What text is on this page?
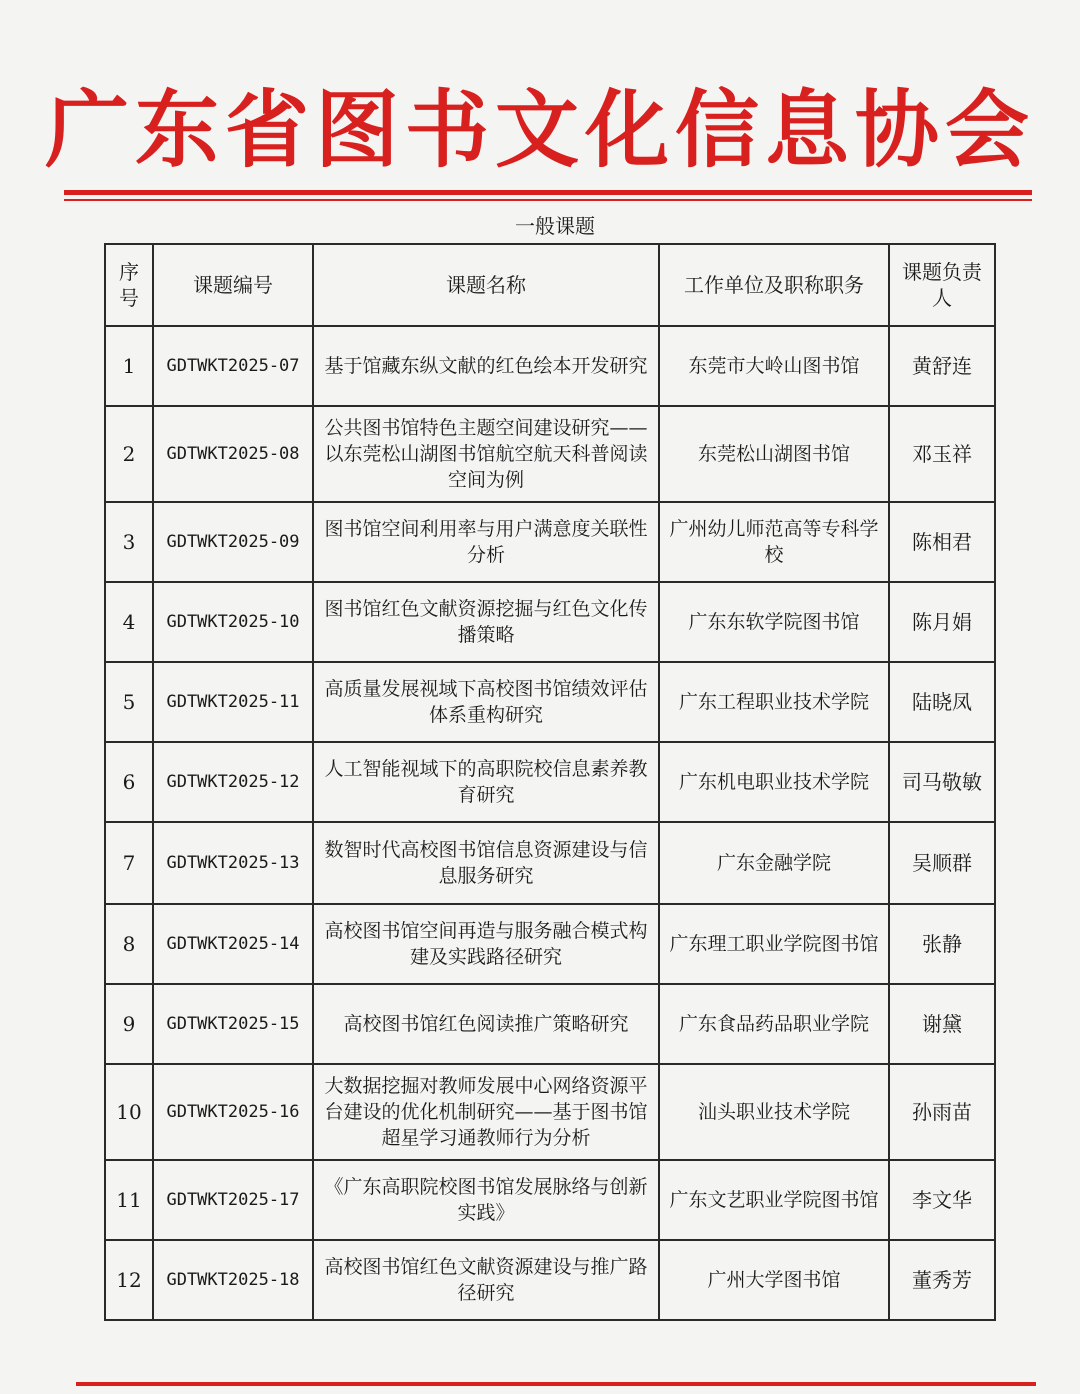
广东省图书文化信息协会
一般课题
序号	课题编号	课题名称	工作单位及职称职务	课题负责人
1	GDTWKT2025-07	基于馆藏东纵文献的红色绘本开发研究	东莞市大岭山图书馆	黄舒连
2	GDTWKT2025-08	公共图书馆特色主题空间建设研究——以东莞松山湖图书馆航空航天科普阅读空间为例	东莞松山湖图书馆	邓玉祥
3	GDTWKT2025-09	图书馆空间利用率与用户满意度关联性分析	广州幼儿师范高等专科学校	陈相君
4	GDTWKT2025-10	图书馆红色文献资源挖掘与红色文化传播策略	广东东软学院图书馆	陈月娟
5	GDTWKT2025-11	高质量发展视域下高校图书馆绩效评估体系重构研究	广东工程职业技术学院	陆晓凤
6	GDTWKT2025-12	人工智能视域下的高职院校信息素养教育研究	广东机电职业技术学院	司马敬敏
7	GDTWKT2025-13	数智时代高校图书馆信息资源建设与信息服务研究	广东金融学院	吴顺群
8	GDTWKT2025-14	高校图书馆空间再造与服务融合模式构建及实践路径研究	广东理工职业学院图书馆	张静
9	GDTWKT2025-15	高校图书馆红色阅读推广策略研究	广东食品药品职业学院	谢黛
10	GDTWKT2025-16	大数据挖掘对教师发展中心网络资源平台建设的优化机制研究——基于图书馆超星学习通教师行为分析	汕头职业技术学院	孙雨苗
11	GDTWKT2025-17	《广东高职院校图书馆发展脉络与创新实践》	广东文艺职业学院图书馆	李文华
12	GDTWKT2025-18	高校图书馆红色文献资源建设与推广路径研究	广州大学图书馆	董秀芳
